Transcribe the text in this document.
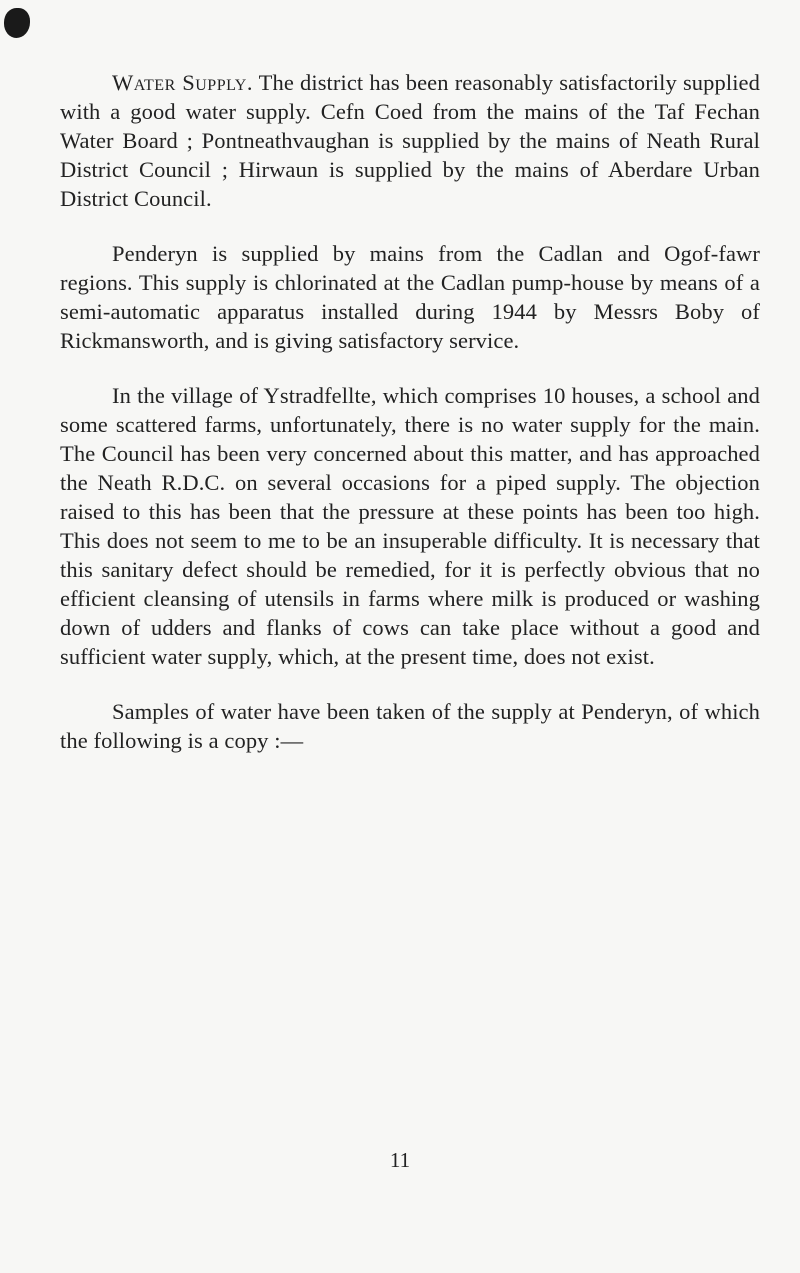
Water Supply. The district has been reasonably satisfactorily supplied with a good water supply. Cefn Coed from the mains of the Taf Fechan Water Board ; Pontneathvaughan is supplied by the mains of Neath Rural District Council ; Hirwaun is supplied by the mains of Aberdare Urban District Council.

Penderyn is supplied by mains from the Cadlan and Ogof-fawr regions. This supply is chlorinated at the Cadlan pump-house by means of a semi-automatic apparatus installed during 1944 by Messrs Boby of Rickmansworth, and is giving satisfactory service.

In the village of Ystradfellte, which comprises 10 houses, a school and some scattered farms, unfortunately, there is no water supply for the main. The Council has been very concerned about this matter, and has approached the Neath R.D.C. on several occasions for a piped supply. The objection raised to this has been that the pressure at these points has been too high. This does not seem to me to be an insuperable difficulty. It is necessary that this sanitary defect should be remedied, for it is perfectly obvious that no efficient cleansing of utensils in farms where milk is produced or washing down of udders and flanks of cows can take place without a good and sufficient water supply, which, at the present time, does not exist.

Samples of water have been taken of the supply at Penderyn, of which the following is a copy :—

11
